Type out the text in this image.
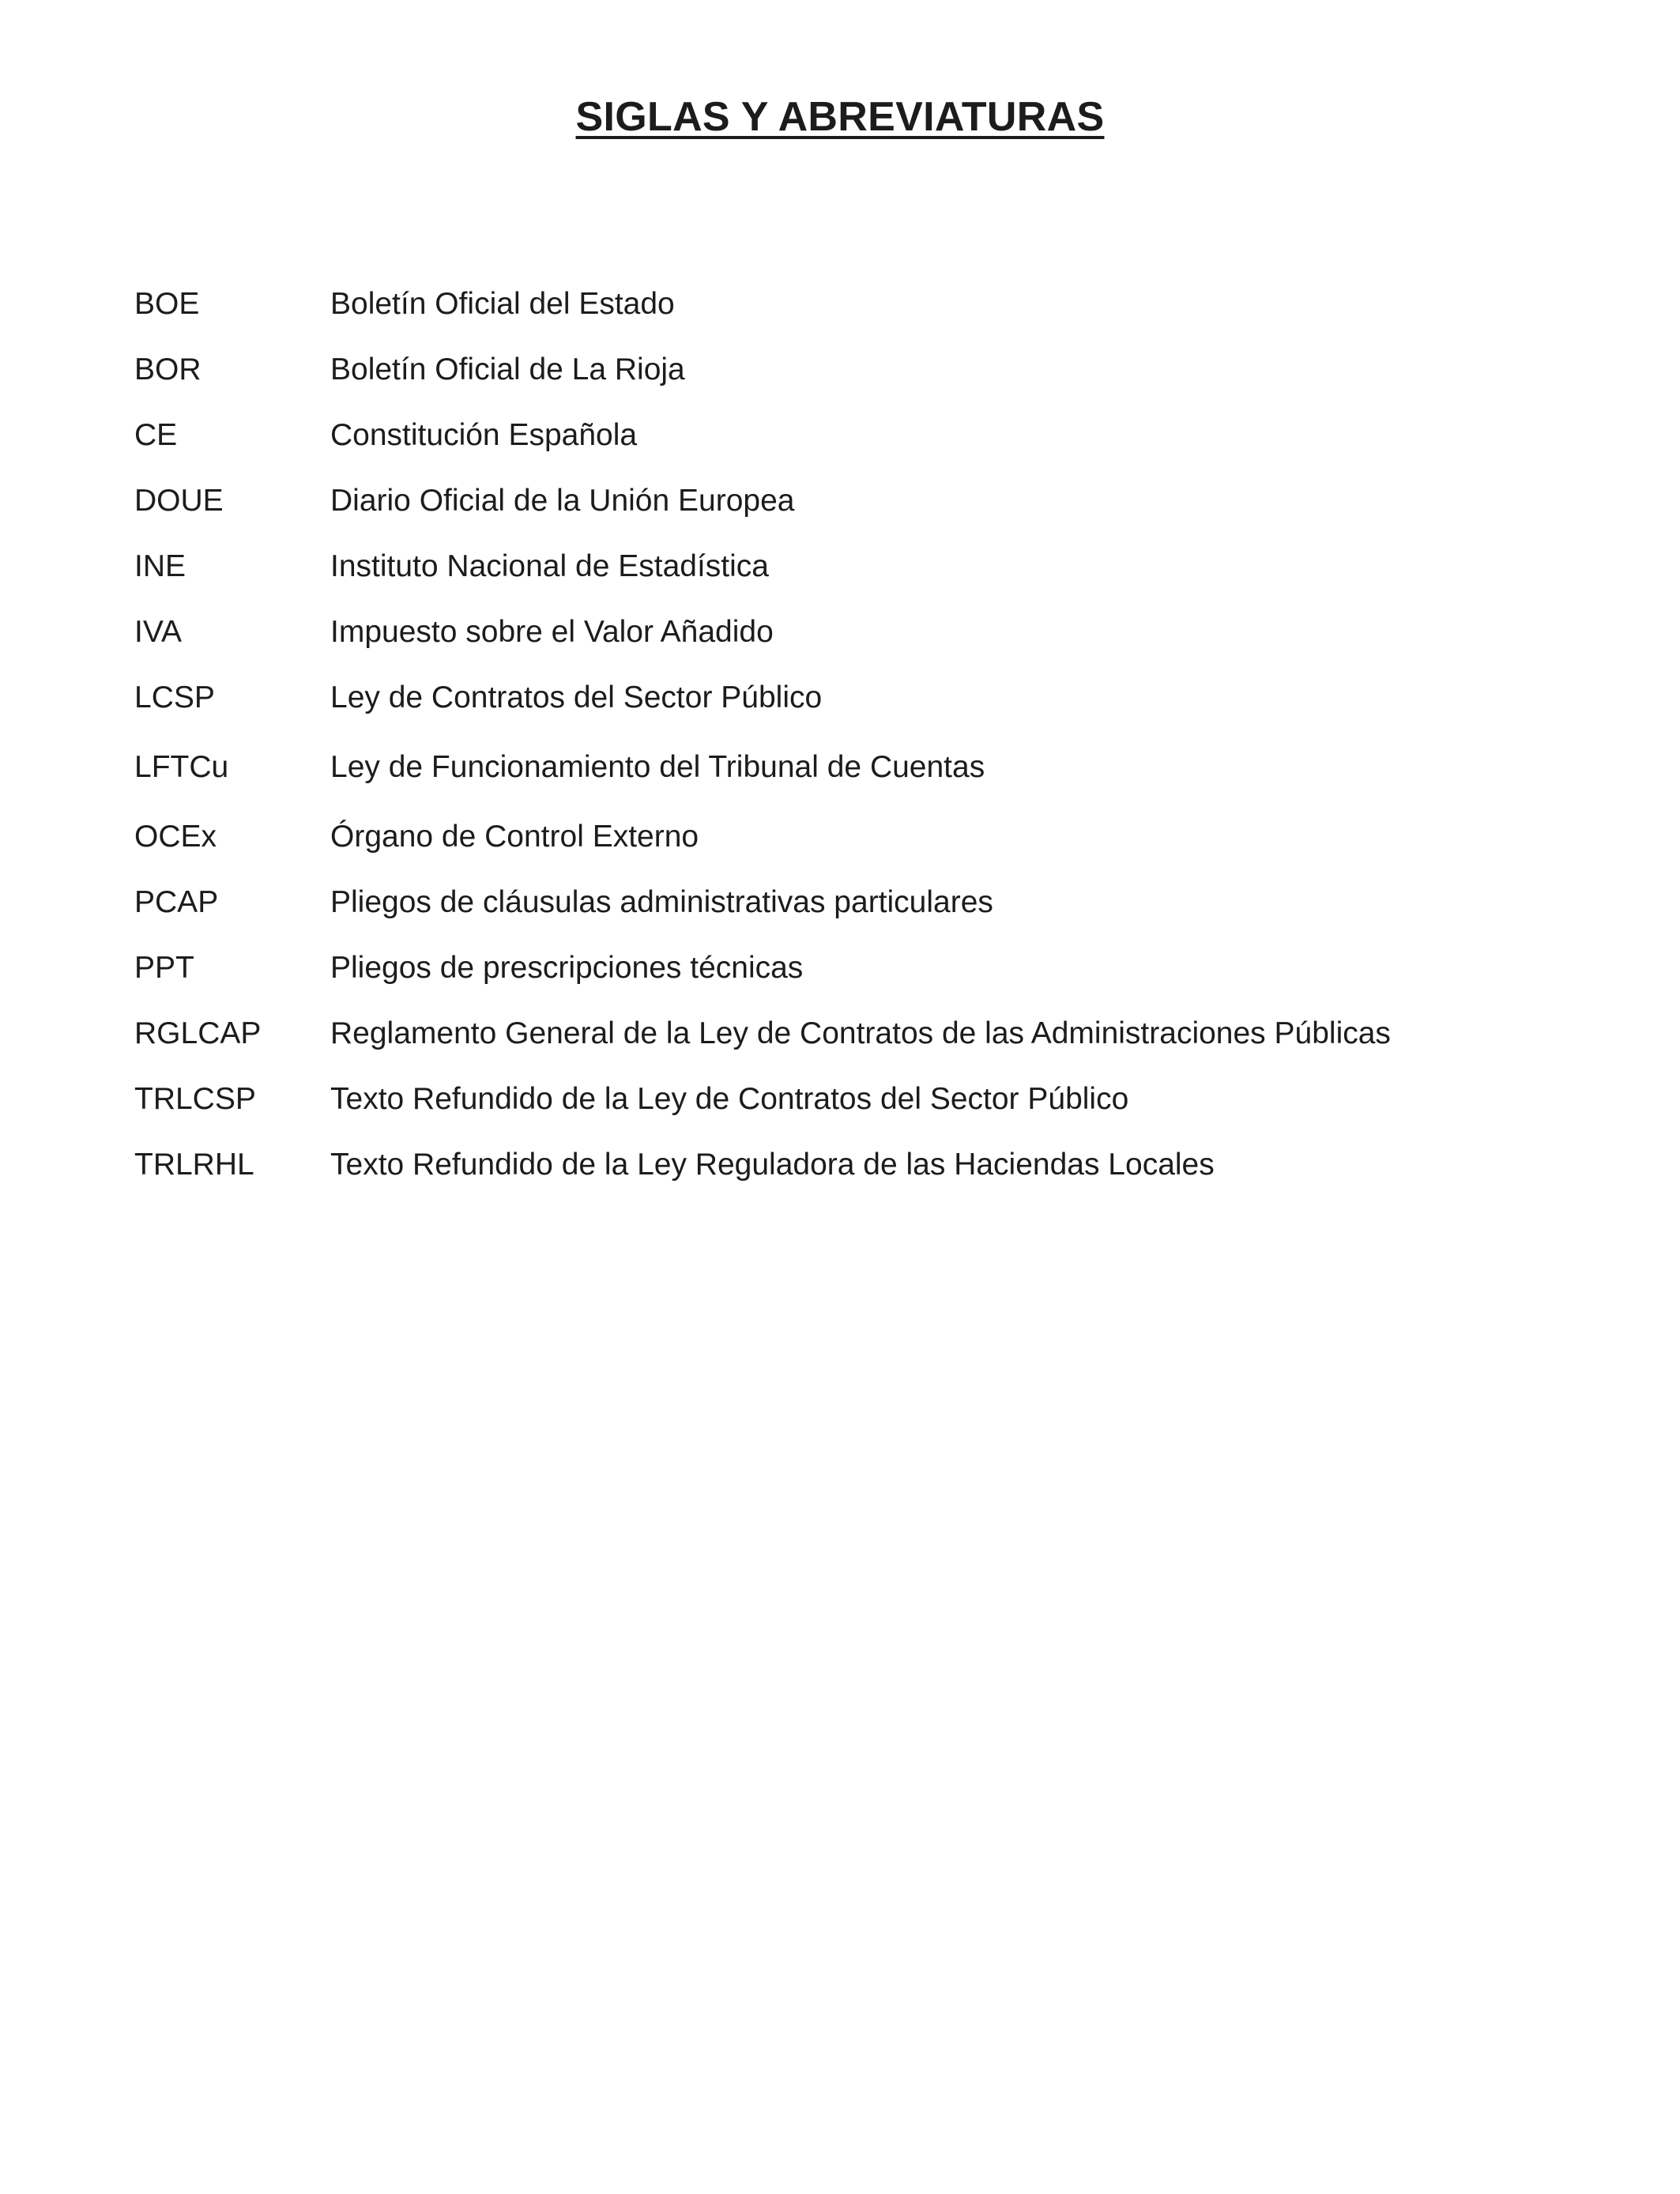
SIGLAS Y ABREVIATURAS
BOE	Boletín Oficial del Estado
BOR	Boletín Oficial de La Rioja
CE	Constitución Española
DOUE	Diario Oficial de la Unión Europea
INE	Instituto Nacional de Estadística
IVA	Impuesto sobre el Valor Añadido
LCSP	Ley de Contratos del Sector Público
LFTCu	Ley de Funcionamiento del Tribunal de Cuentas
OCEx	Órgano de Control Externo
PCAP	Pliegos de cláusulas administrativas particulares
PPT	Pliegos de prescripciones técnicas
RGLCAP Reglamento General de la Ley de Contratos de las Administraciones Públicas
TRLCSP Texto Refundido de la Ley de Contratos del Sector Público
TRLRHL Texto Refundido de la Ley Reguladora de las Haciendas Locales
